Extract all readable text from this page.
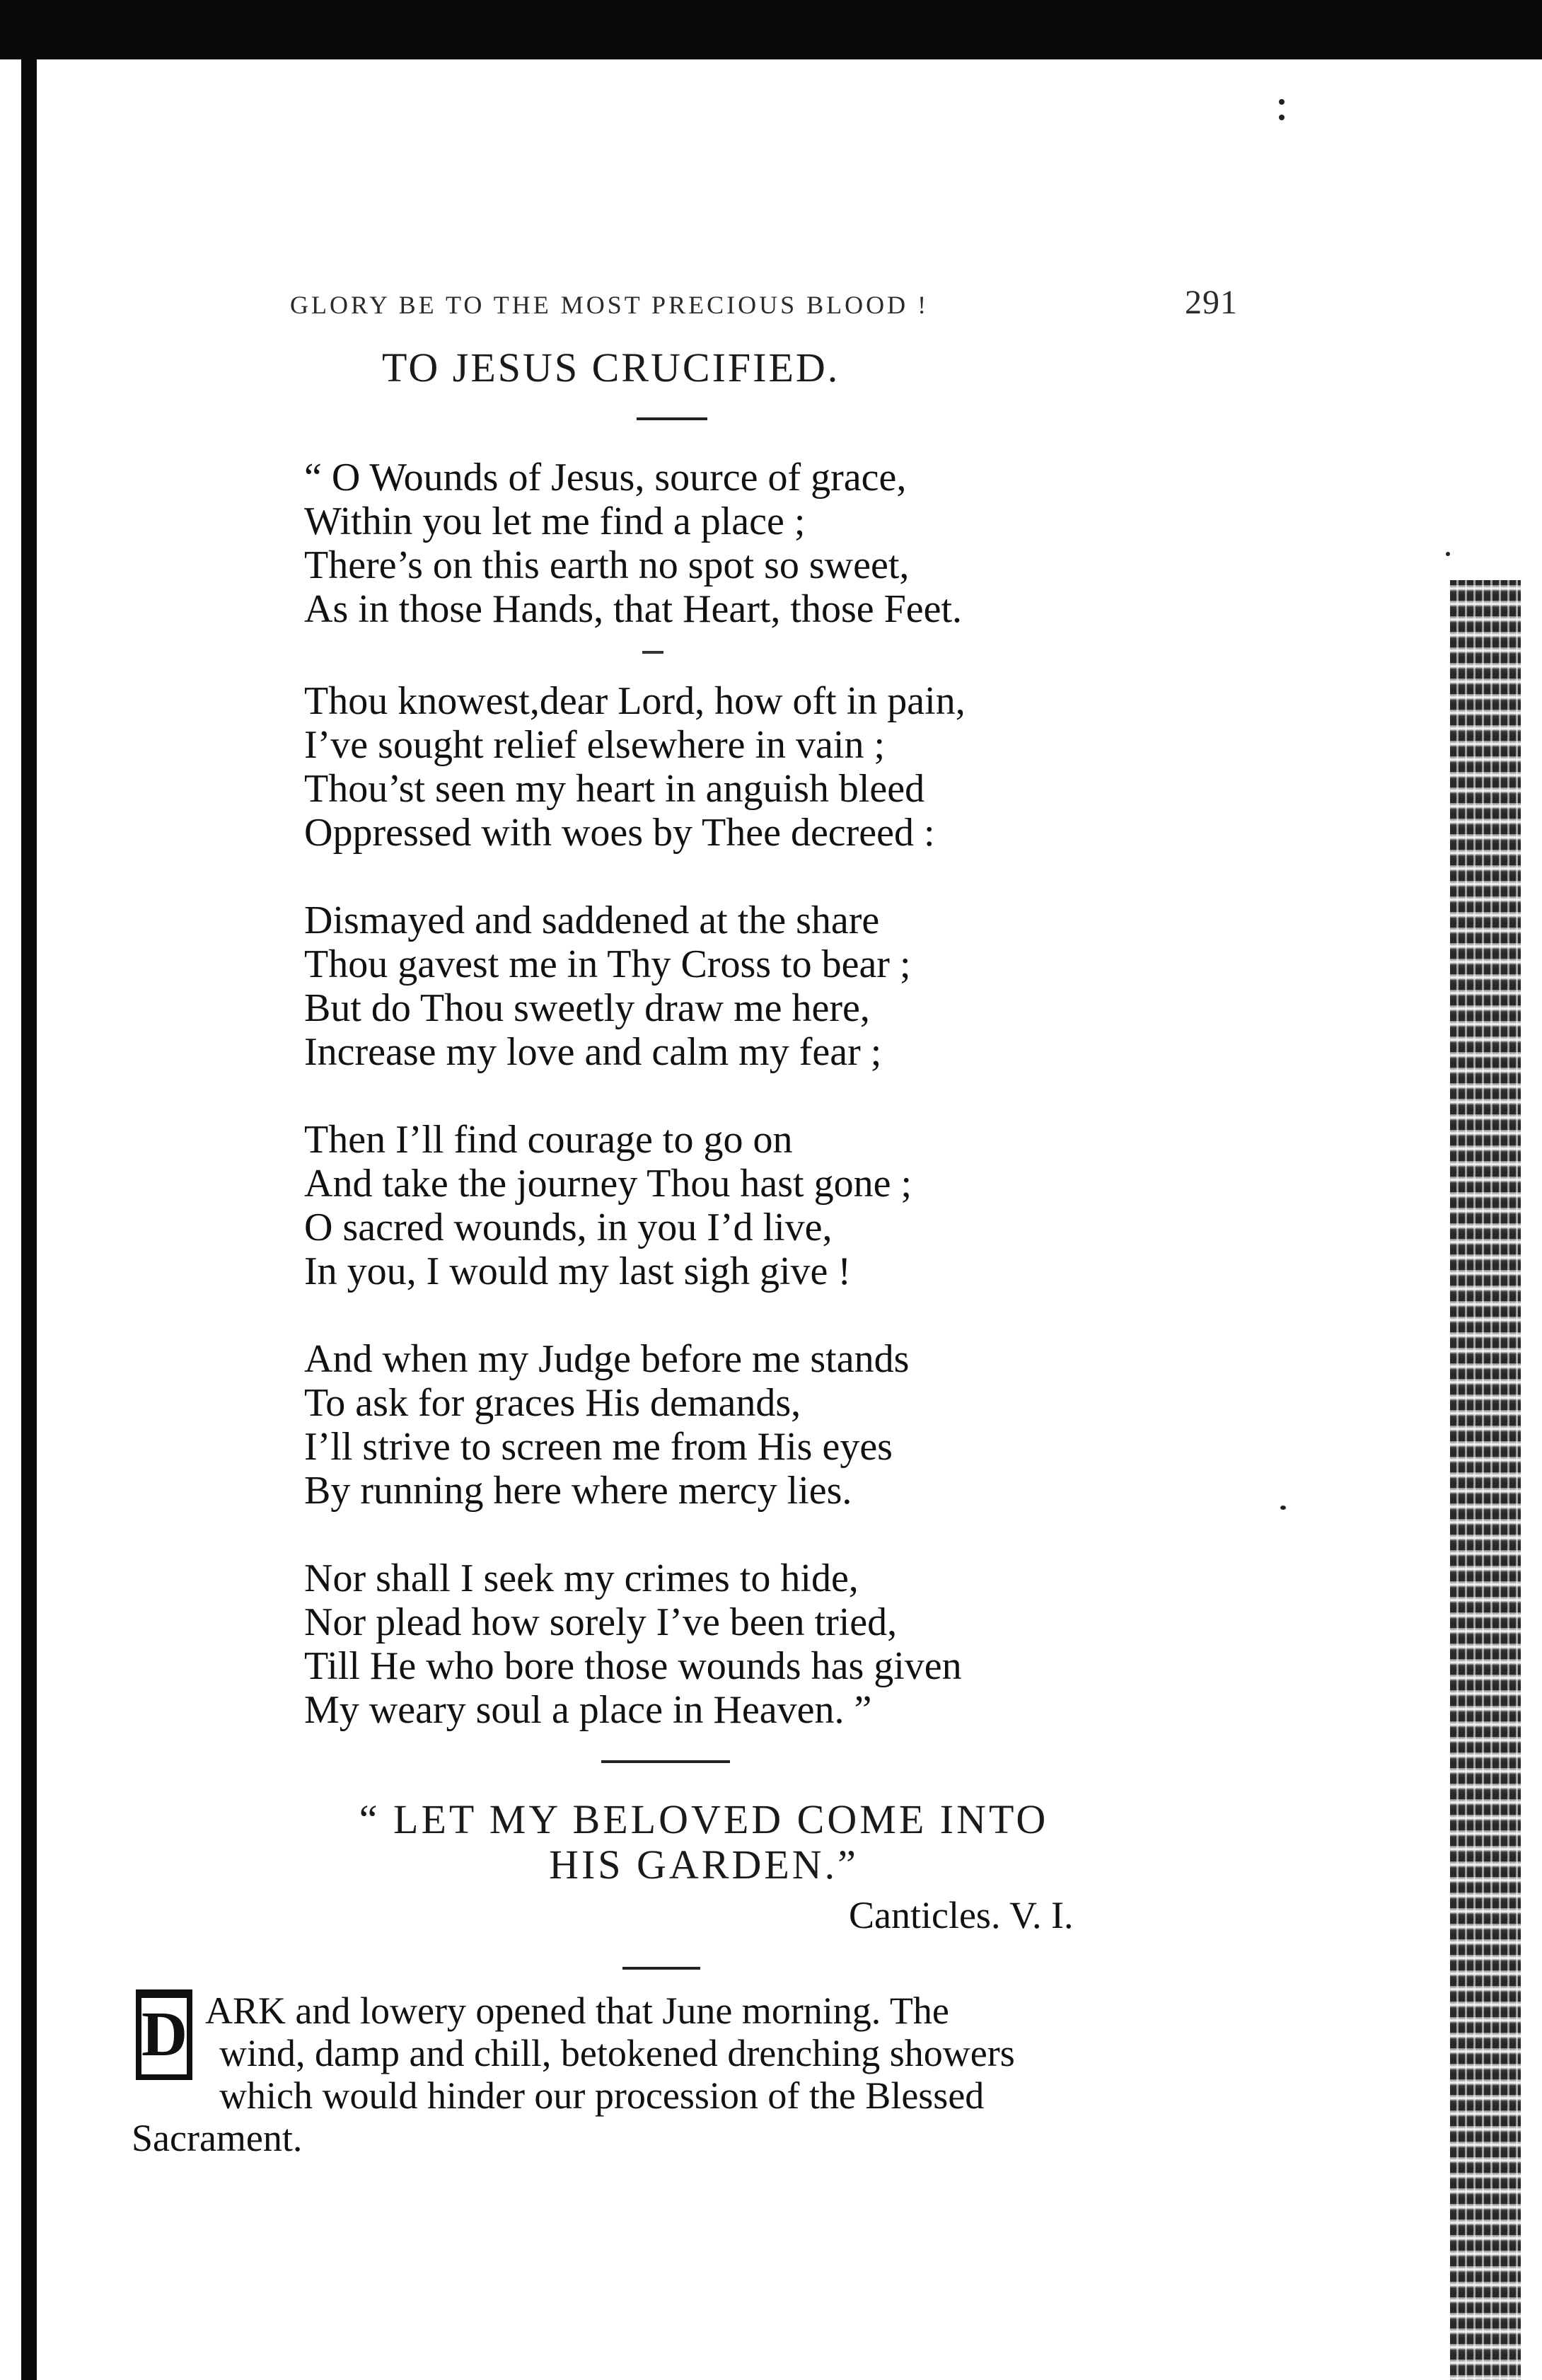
GLORY BE TO THE MOST PRECIOUS BLOOD !	291
TO JESUS CRUCIFIED.
“ O Wounds of Jesus, source of grace,
Within you let me find a place ;
There’s on this earth no spot so sweet,
As in those Hands, that Heart, those Feet.
Thou knowest,dear Lord, how oft in pain,
I’ve sought relief elsewhere in vain ;
Thou’st seen my heart in anguish bleed
Oppressed with woes by Thee decreed :
Dismayed and saddened at the share
Thou gavest me in Thy Cross to bear ;
But do Thou sweetly draw me here,
Increase my love and calm my fear ;
Then I’ll find courage to go on
And take the journey Thou hast gone ;
O sacred wounds, in you I’d live,
In you, I would my last sigh give !
And when my Judge before me stands
To ask for graces His demands,
I’ll strive to screen me from His eyes
By running here where mercy lies.
Nor shall I seek my crimes to hide,
Nor plead how sorely I’ve been tried,
Till He who bore those wounds has given
My weary soul a place in Heaven. ”
“ LET MY BELOVED COME INTO
HIS GARDEN.”
Canticles. V. I.
D ARK and lowery opened that June morning. The
wind, damp and chill, betokened drenching showers
which would hinder our procession of the Blessed
Sacrament.
